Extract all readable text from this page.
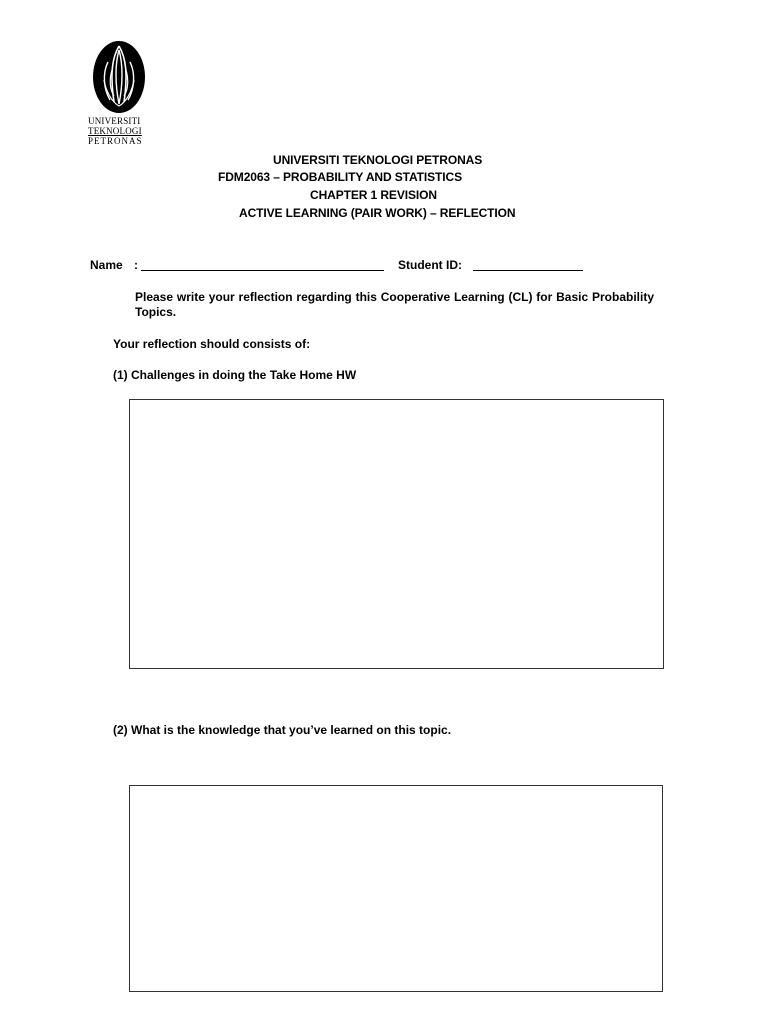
UNIVERSITI
TEKNOLOGI
PETRONAS
UNIVERSITI TEKNOLOGI PETRONAS
FDM2063 – PROBABILITY AND STATISTICS
CHAPTER 1 REVISION
ACTIVE LEARNING (PAIR WORK) – REFLECTION
Name :	Student ID:
Please write your reflection regarding this Cooperative Learning (CL) for Basic Probability Topics.
Your reflection should consists of:
(1) Challenges in doing the Take Home HW
(2) What is the knowledge that you’ve learned on this topic.
